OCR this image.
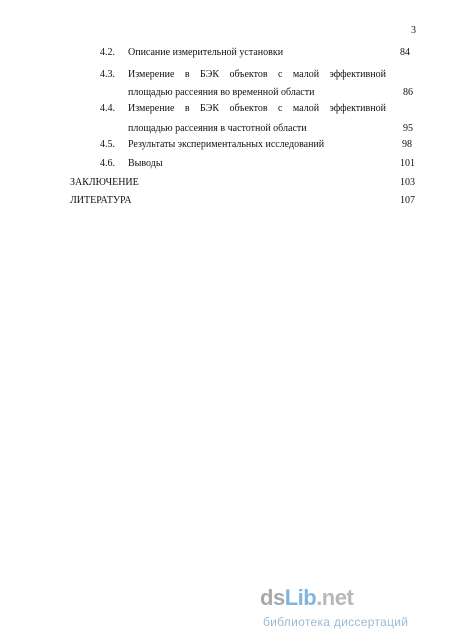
3
4.2. Описание измерительной установки	84
4.3. Измерение в БЭК объектов с малой эффективной
площадью рассеяния во временной области	86
4.4. Измерение в БЭК объектов с малой эффективной
площадью рассеяния в частотной области	95
4.5. Результаты экспериментальных исследований	98
4.6. Выводы	101
ЗАКЛЮЧЕНИЕ	103
ЛИТЕРАТУРА	107
dsLib.net
библиотека диссертаций
